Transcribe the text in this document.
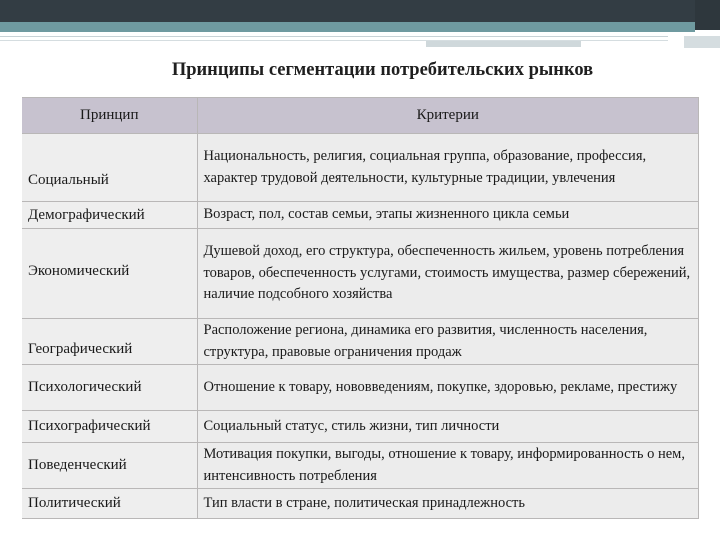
Принципы сегментации потребительских рынков
Принцип	Критерии
Социальный	Национальность, религия, социальная группа, образование, профессия, характер трудовой деятельности, культурные традиции, увлечения
Демографический	Возраст, пол, состав семьи, этапы жизненного цикла семьи
Экономический	Душевой доход, его структура, обеспеченность жильем, уровень потребления товаров, обеспеченность услугами, стоимость имущества, размер сбережений, наличие подсобного хозяйства
Географический	Расположение региона, динамика его развития, численность населения, структура, правовые ограничения продаж
Психологический	Отношение к товару, нововведениям, покупке, здоровью, рекламе, престижу
Психографический	Социальный статус, стиль жизни, тип личности
Поведенческий	Мотивация покупки, выгоды, отношение к товару, информированность о нем, интенсивность потребления
Политический	Тип власти в стране, политическая принадлежность
